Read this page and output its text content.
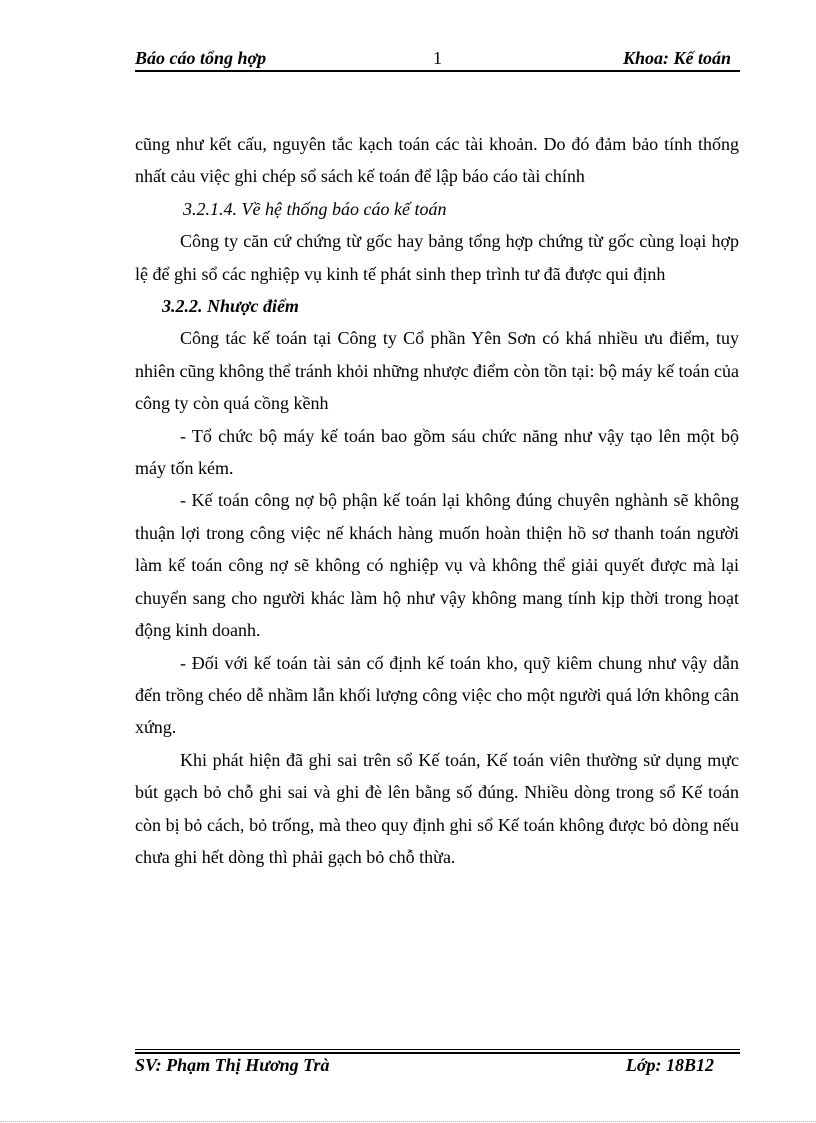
Báo cáo tổng hợp	1	Khoa: Kế toán

cũng như kết cấu, nguyên tắc kạch toán các tài khoản. Do đó đảm bảo tính thống nhất cảu việc ghi chép sổ sách kế toán để lập báo cáo tài chính

3.2.1.4. Về hệ thống báo cáo kế toán

Công ty căn cứ chứng từ gốc hay bảng tổng hợp chứng từ gốc cùng loại hợp lệ để ghi sổ các nghiệp vụ kinh tế phát sinh thep trình tư đã được qui định

3.2.2. Nhược điểm

Công tác kế toán tại Công ty Cổ phần Yên Sơn có khá nhiều ưu điểm, tuy nhiên cũng không thể tránh khỏi những nhược điểm còn tồn tại: bộ máy kế toán của công ty còn quá cồng kềnh

- Tổ chức bộ máy kế toán bao gồm sáu chức năng như vậy tạo lên một bộ máy tốn kém.

- Kế toán công nợ bộ phận kế toán lại không đúng chuyên nghành sẽ không thuận lợi trong công việc nế khách hàng muốn hoàn thiện hồ sơ thanh toán người làm kế toán công nợ sẽ không có nghiệp vụ và không thể giải quyết được mà lại chuyển sang cho người khác làm hộ như vậy không mang tính kịp thời trong hoạt động kinh doanh.

- Đối với kế toán tài sản cố định kế toán kho, quỹ kiêm chung như vậy dẫn đến trồng chéo dễ nhầm lẫn khối lượng công việc cho một người quá lớn không cân xứng.

Khi phát hiện đã ghi sai trên sổ Kế toán, Kế toán viên thường sử dụng mực bút gạch bỏ chỗ ghi sai và ghi đè lên bằng số đúng. Nhiều dòng trong sổ Kế toán còn bị bỏ cách, bỏ trống, mà theo quy định ghi sổ Kế toán không được bỏ dòng nếu chưa ghi hết dòng thì phải gạch bỏ chỗ thừa.

SV: Phạm Thị Hương Trà	Lớp: 18B12
